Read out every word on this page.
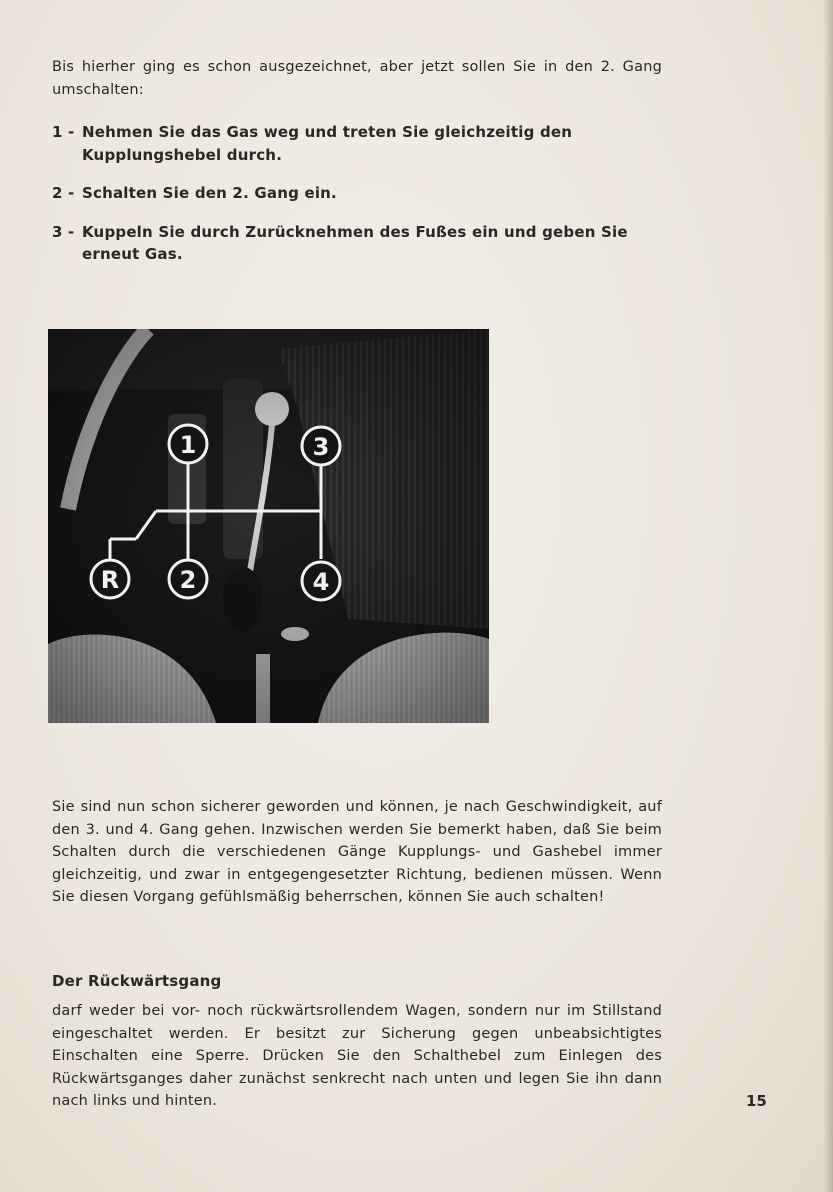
Bis hierher ging es schon ausgezeichnet, aber jetzt sollen Sie in den 2. Gang umschalten:

1 - Nehmen Sie das Gas weg und treten Sie gleichzeitig den Kupplungshebel durch.
2 - Schalten Sie den 2. Gang ein.
3 - Kuppeln Sie durch Zurücknehmen des Fußes ein und geben Sie erneut Gas.
1	3
R	2	4

Sie sind nun schon sicherer geworden und können, je nach Geschwindigkeit, auf den 3. und 4. Gang gehen. Inzwischen werden Sie bemerkt haben, daß Sie beim Schalten durch die verschiedenen Gänge Kupplungs- und Gashebel immer gleichzeitig, und zwar in entgegengesetzter Richtung, bedienen müssen. Wenn Sie diesen Vorgang gefühlsmäßig beherrschen, können Sie auch schalten!

Der Rückwärtsgang

darf weder bei vor- noch rückwärtsrollendem Wagen, sondern nur im Stillstand eingeschaltet werden. Er besitzt zur Sicherung gegen unbeabsichtigtes Einschalten eine Sperre. Drücken Sie den Schalthebel zum Einlegen des Rückwärtsganges daher zunächst senkrecht nach unten und legen Sie ihn dann nach links und hinten.	15
